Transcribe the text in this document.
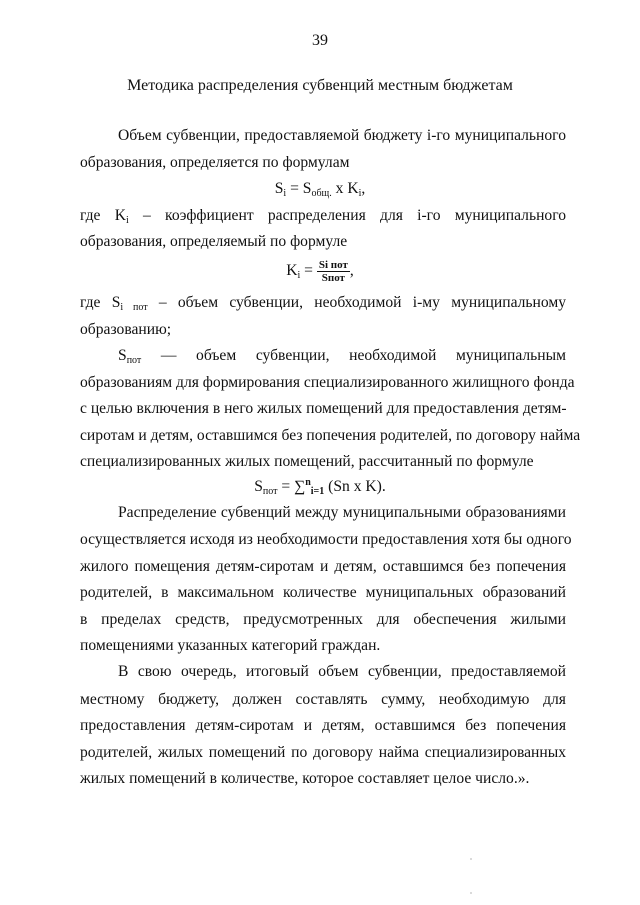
39
Методика распределения субвенций местным бюджетам
Объем субвенции, предоставляемой бюджету i-го муниципального
образования, определяется по формулам
$S_i = S_{общ.}$ x $K_i$,
где $K_i$ – коэффициент распределения для i-го муниципального
образования, определяемый по формуле
$K_i = \frac{\text{Si пот}}{\text{Sпот}}$ ,
где $S_{i пот}$ – объем субвенции, необходимой i-му муниципальному
образованию;
$S_{пот}$ — объем субвенции, необходимой муниципальным
образованиям для формирования специализированного жилищного фонда
с целью включения в него жилых помещений для предоставления детям-
сиротам и детям, оставшимся без попечения родителей, по договору найма
специализированных жилых помещений, рассчитанный по формуле
$S_{пот} = \sum^n_{i=1}$ (Sn x K).
Распределение субвенций между муниципальными образованиями
осуществляется исходя из необходимости предоставления хотя бы одного
жилого помещения детям-сиротам и детям, оставшимся без попечения
родителей, в максимальном количестве муниципальных образований
в пределах средств, предусмотренных для обеспечения жилыми
помещениями указанных категорий граждан.
В свою очередь, итоговый объем субвенции, предоставляемой
местному бюджету, должен составлять сумму, необходимую для
предоставления детям-сиротам и детям, оставшимся без попечения
родителей, жилых помещений по договору найма специализированных
жилых помещений в количестве, которое составляет целое число.».
